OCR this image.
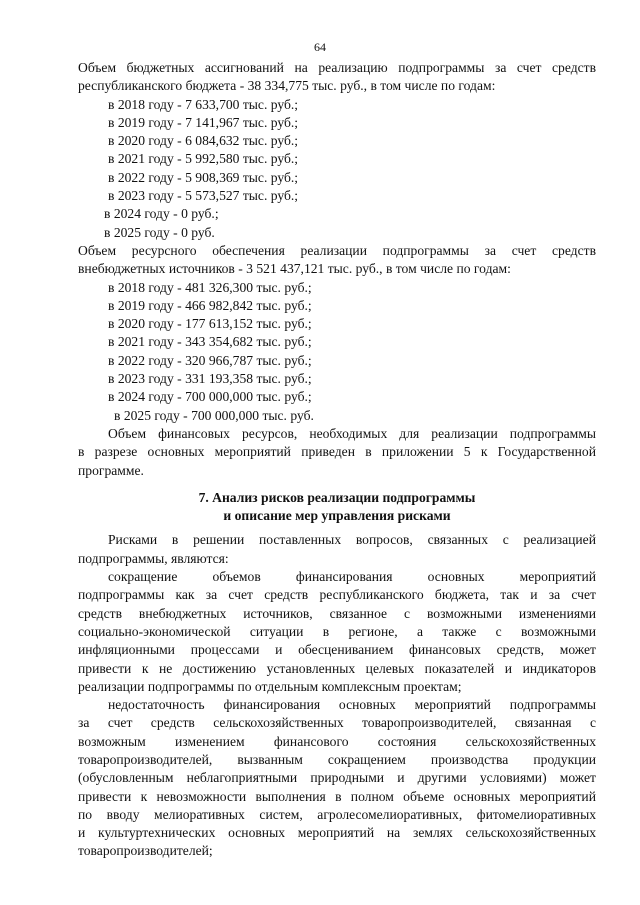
64
Объем бюджетных ассигнований на реализацию подпрограммы за счет средств
республиканского бюджета - 38 334,775 тыс. руб., в том числе по годам:
в 2018 году - 7 633,700 тыс. руб.;
в 2019 году - 7 141,967 тыс. руб.;
в 2020 году - 6 084,632 тыс. руб.;
в 2021 году - 5 992,580 тыс. руб.;
в 2022 году - 5 908,369 тыс. руб.;
в 2023 году - 5 573,527 тыс. руб.;
в 2024 году - 0 руб.;
в 2025 году - 0 руб.
Объем ресурсного обеспечения реализации подпрограммы за счет средств
внебюджетных источников - 3 521 437,121 тыс. руб., в том числе по годам:
в 2018 году - 481 326,300 тыс. руб.;
в 2019 году - 466 982,842 тыс. руб.;
в 2020 году - 177 613,152 тыс. руб.;
в 2021 году - 343 354,682 тыс. руб.;
в 2022 году - 320 966,787 тыс. руб.;
в 2023 году - 331 193,358 тыс. руб.;
в 2024 году - 700 000,000 тыс. руб.;
в 2025 году - 700 000,000 тыс. руб.
Объем финансовых ресурсов, необходимых для реализации подпрограммы
в разрезе основных мероприятий приведен в приложении 5 к Государственной
программе.
7. Анализ рисков реализации подпрограммы
и описание мер управления рисками
Рисками в решении поставленных вопросов, связанных с реализацией
подпрограммы, являются:
сокращение объемов финансирования основных мероприятий
подпрограммы как за счет средств республиканского бюджета, так и за счет
средств внебюджетных источников, связанное с возможными изменениями
социально-экономической ситуации в регионе, а также с возможными
инфляционными процессами и обесцениванием финансовых средств, может
привести к не достижению установленных целевых показателей и индикаторов
реализации подпрограммы по отдельным комплексным проектам;
недостаточность финансирования основных мероприятий подпрограммы
за счет средств сельскохозяйственных товаропроизводителей, связанная с
возможным изменением финансового состояния сельскохозяйственных
товаропроизводителей, вызванным сокращением производства продукции
(обусловленным неблагоприятными природными и другими условиями) может
привести к невозможности выполнения в полном объеме основных мероприятий
по вводу мелиоративных систем, агролесомелиоративных, фитомелиоративных
и культуртехнических основных мероприятий на землях сельскохозяйственных
товаропроизводителей;
